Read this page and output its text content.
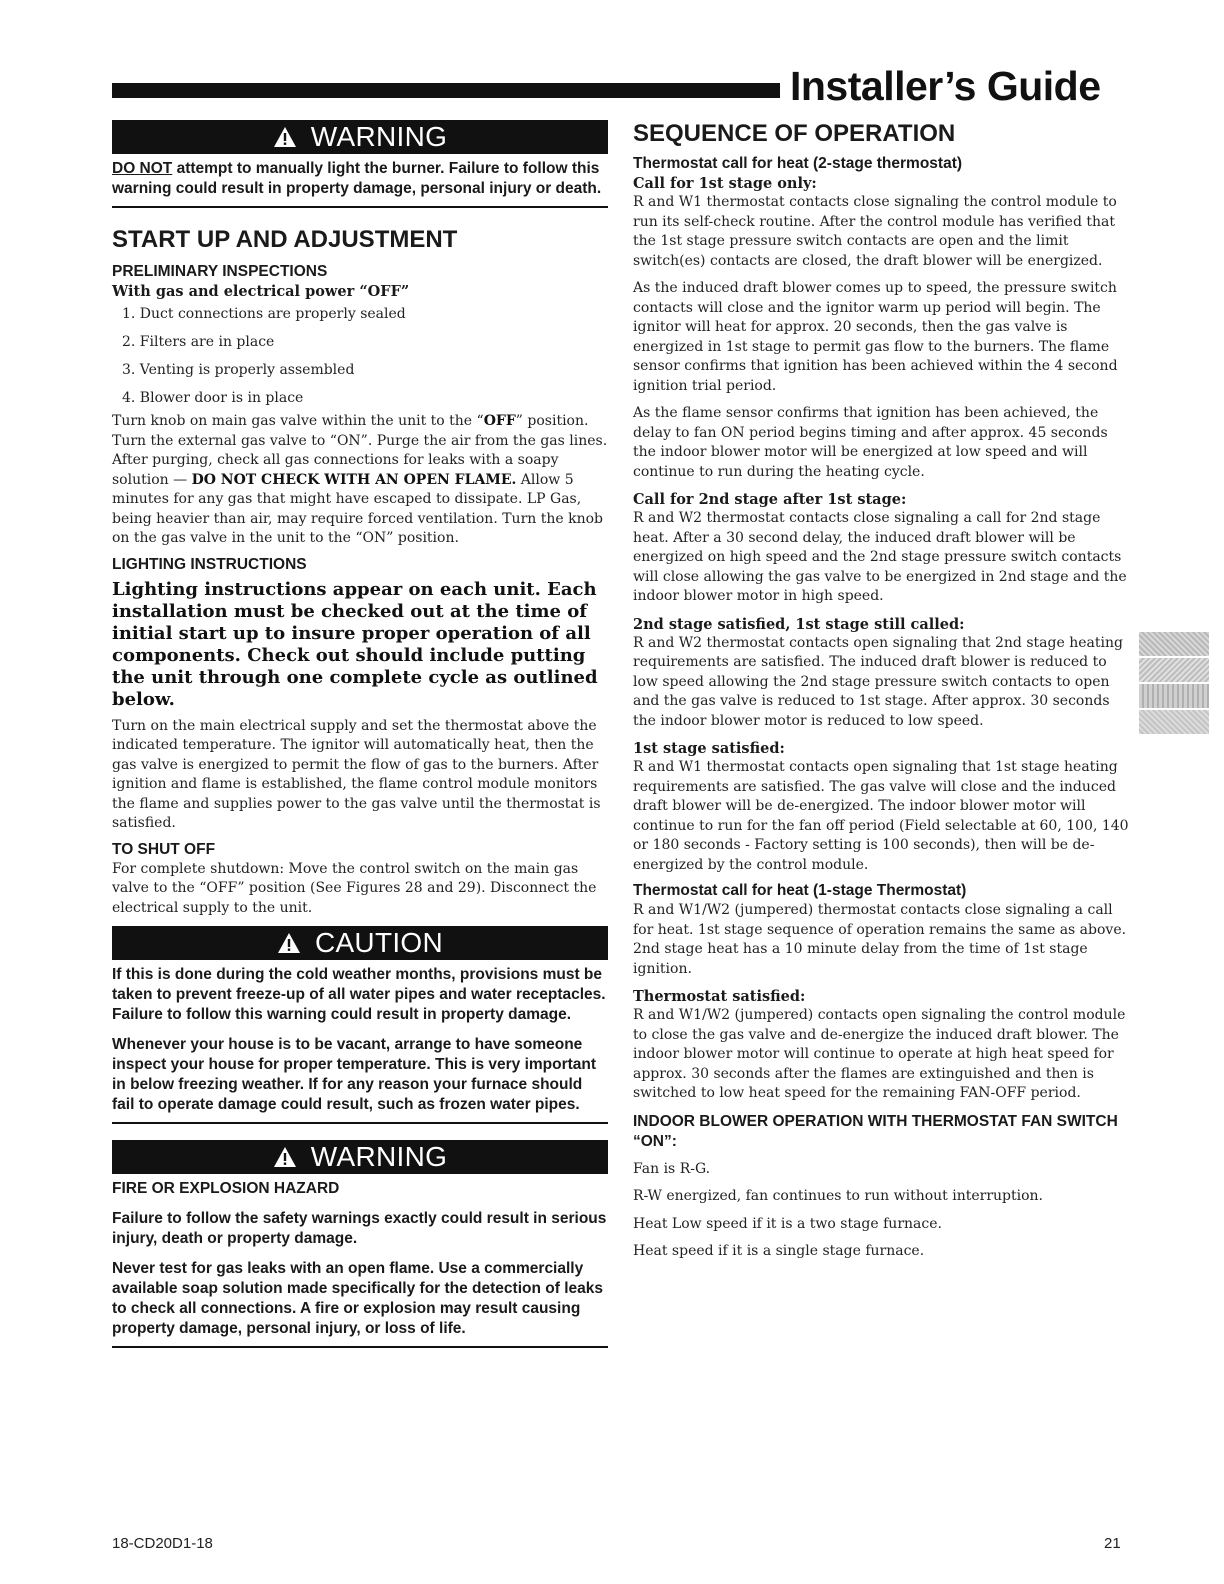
Installer’s Guide
WARNING

DO NOT attempt to manually light the burner. Failure to follow this warning could result in property damage, personal injury or death.

START UP AND ADJUSTMENT
PRELIMINARY INSPECTIONS

With gas and electrical power “OFF”

1. Duct connections are properly sealed
2. Filters are in place
3. Venting is properly assembled
4. Blower door is in place

Turn knob on main gas valve within the unit to the “OFF” position. Turn the external gas valve to “ON”. Purge the air from the gas lines. After purging, check all gas connections for leaks with a soapy solution — DO NOT CHECK WITH AN OPEN FLAME. Allow 5 minutes for any gas that might have escaped to dissipate. LP Gas, being heavier than air, may require forced ventilation. Turn the knob on the gas valve in the unit to the “ON” position.

LIGHTING INSTRUCTIONS

Lighting instructions appear on each unit. Each installation must be checked out at the time of initial start up to insure proper operation of all components. Check out should include putting the unit through one complete cycle as outlined below.

Turn on the main electrical supply and set the thermostat above the indicated temperature. The ignitor will automatically heat, then the gas valve is energized to permit the flow of gas to the burners. After ignition and flame is established, the flame control module monitors the flame and supplies power to the gas valve until the thermostat is satisfied.

TO SHUT OFF

For complete shutdown: Move the control switch on the main gas valve to the “OFF” position (See Figures 28 and 29). Disconnect the electrical supply to the unit.

CAUTION

If this is done during the cold weather months, provisions must be taken to prevent freeze-up of all water pipes and water receptacles. Failure to follow this warning could result in property damage.

Whenever your house is to be vacant, arrange to have someone inspect your house for proper temperature. This is very important in below freezing weather. If for any reason your furnace should fail to operate damage could result, such as frozen water pipes.

WARNING

FIRE OR EXPLOSION HAZARD

Failure to follow the safety warnings exactly could result in serious injury, death or property damage.

Never test for gas leaks with an open flame. Use a commercially available soap solution made specifically for the detection of leaks to check all connections. A fire or explosion may result causing property damage, personal injury, or loss of life.

SEQUENCE OF OPERATION
Thermostat call for heat (2-stage thermostat)

Call for 1st stage only:

R and W1 thermostat contacts close signaling the control module to run its self-check routine. After the control module has verified that the 1st stage pressure switch contacts are open and the limit switch(es) contacts are closed, the draft blower will be energized.

As the induced draft blower comes up to speed, the pressure switch contacts will close and the ignitor warm up period will begin. The ignitor will heat for approx. 20 seconds, then the gas valve is energized in 1st stage to permit gas flow to the burners. The flame sensor confirms that ignition has been achieved within the 4 second ignition trial period.

As the flame sensor confirms that ignition has been achieved, the delay to fan ON period begins timing and after approx. 45 seconds the indoor blower motor will be energized at low speed and will continue to run during the heating cycle.

Call for 2nd stage after 1st stage:

R and W2 thermostat contacts close signaling a call for 2nd stage heat. After a 30 second delay, the induced draft blower will be energized on high speed and the 2nd stage pressure switch contacts will close allowing the gas valve to be energized in 2nd stage and the indoor blower motor in high speed.

2nd stage satisfied, 1st stage still called:

R and W2 thermostat contacts open signaling that 2nd stage heating requirements are satisfied. The induced draft blower is reduced to low speed allowing the 2nd stage pressure switch contacts to open and the gas valve is reduced to 1st stage. After approx. 30 seconds the indoor blower motor is reduced to low speed.

1st stage satisfied:

R and W1 thermostat contacts open signaling that 1st stage heating requirements are satisfied. The gas valve will close and the induced draft blower will be de-energized. The indoor blower motor will continue to run for the fan off period (Field selectable at 60, 100, 140 or 180 seconds - Factory setting is 100 seconds), then will be de-energized by the control module.

Thermostat call for heat (1-stage Thermostat)

R and W1/W2 (jumpered) thermostat contacts close signaling a call for heat. 1st stage sequence of operation remains the same as above. 2nd stage heat has a 10 minute delay from the time of 1st stage ignition.

Thermostat satisfied:

R and W1/W2 (jumpered) contacts open signaling the control module to close the gas valve and de-energize the induced draft blower. The indoor blower motor will continue to operate at high heat speed for approx. 30 seconds after the flames are extinguished and then is switched to low heat speed for the remaining FAN-OFF period.

INDOOR BLOWER OPERATION WITH THERMOSTAT FAN SWITCH “ON”:

Fan is R-G.

R-W energized, fan continues to run without interruption.

Heat Low speed if it is a two stage furnace.

Heat speed if it is a single stage furnace.

18-CD20D1-18	21
